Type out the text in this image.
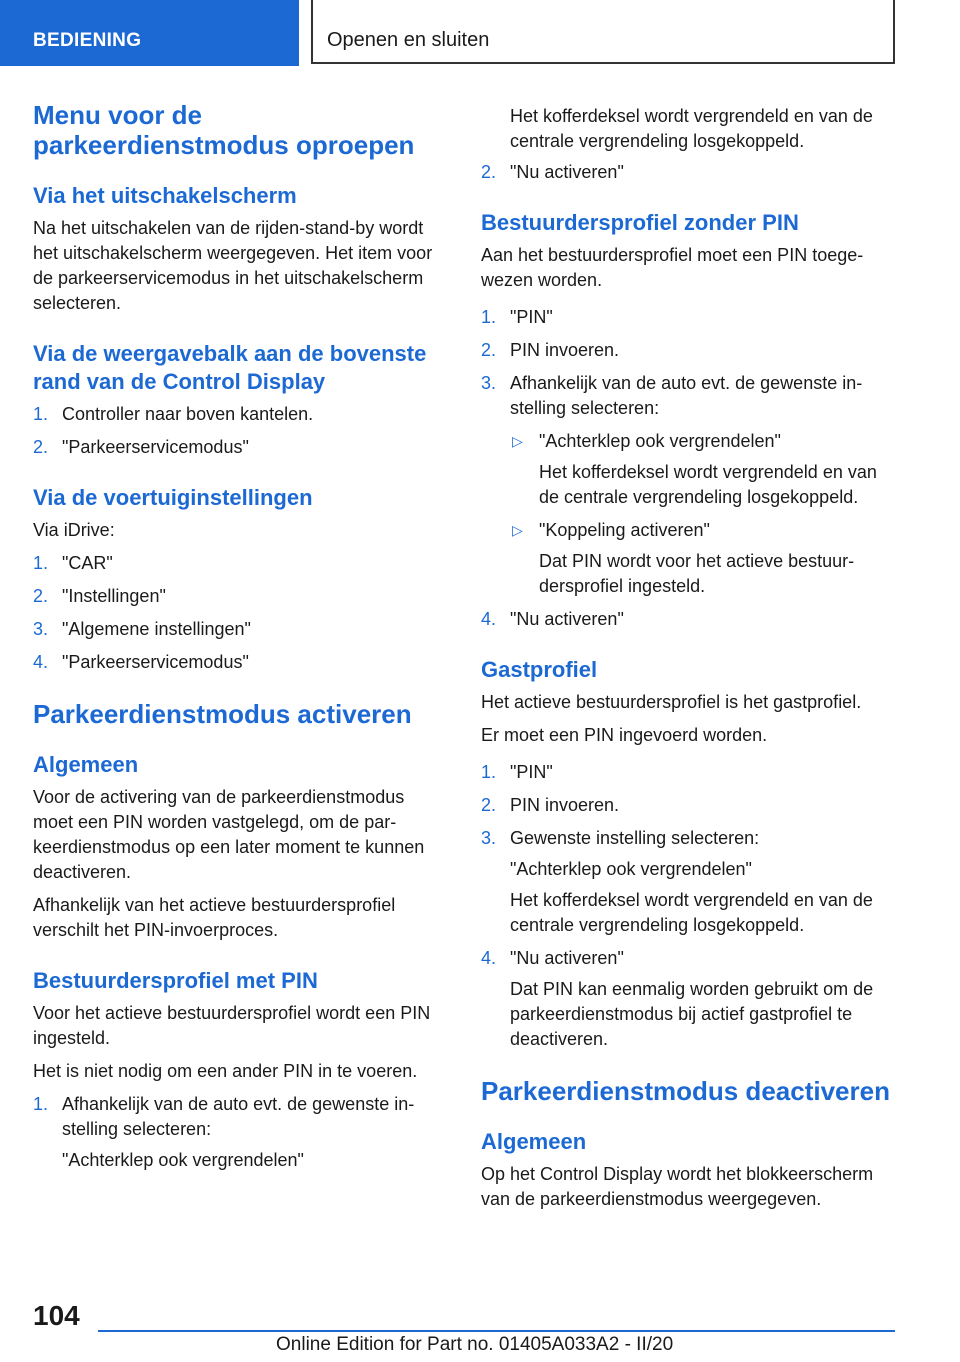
BEDIENING	Openen en sluiten
Menu voor de parkeerdienstmodus oproepen
Via het uitschakelscherm

Na het uitschakelen van de rijden-stand-by wordt het uitschakelscherm weergegeven. Het item voor de parkeerservicemodus in het uitschakelscherm selecteren.

Via de weergavebalk aan de bovenste rand van de Control Display
1. Controller naar boven kantelen.
2. "Parkeerservicemodus"
Via de voertuiginstellingen

Via iDrive:

1. "CAR"
2. "Instellingen"
3. "Algemene instellingen"
4. "Parkeerservicemodus"
Parkeerdienstmodus activeren
Algemeen

Voor de activering van de parkeerdienstmodus moet een PIN worden vastgelegd, om de parkeerdienstmodus op een later moment te kunnen deactiveren.

Afhankelijk van het actieve bestuurdersprofiel verschilt het PIN-invoerproces.

Bestuurdersprofiel met PIN

Voor het actieve bestuurdersprofiel wordt een PIN ingesteld.

Het is niet nodig om een ander PIN in te voeren.

1. Afhankelijk van de auto evt. de gewenste instelling selecteren:
"Achterklep ook vergrendelen"
Het kofferdeksel wordt vergrendeld en van de centrale vergrendeling losgekoppeld.
2. "Nu activeren"
Bestuurdersprofiel zonder PIN

Aan het bestuurdersprofiel moet een PIN toegewezen worden.

1. "PIN"
2. PIN invoeren.
3. Afhankelijk van de auto evt. de gewenste instelling selecteren:
▷ "Achterklep ook vergrendelen"
Het kofferdeksel wordt vergrendeld en van de centrale vergrendeling losgekoppeld.
▷ "Koppeling activeren"
Dat PIN wordt voor het actieve bestuurdersprofiel ingesteld.
4. "Nu activeren"
Gastprofiel

Het actieve bestuurdersprofiel is het gastprofiel.

Er moet een PIN ingevoerd worden.

1. "PIN"
2. PIN invoeren.
3. Gewenste instelling selecteren:
"Achterklep ook vergrendelen"
Het kofferdeksel wordt vergrendeld en van de centrale vergrendeling losgekoppeld.
4. "Nu activeren"
Dat PIN kan eenmalig worden gebruikt om de parkeerdienstmodus bij actief gastprofiel te deactiveren.
Parkeerdienstmodus deactiveren
Algemeen

Op het Control Display wordt het blokkeerscherm van de parkeerdienstmodus weergegeven.

104
Online Edition for Part no. 01405A033A2 - II/20
